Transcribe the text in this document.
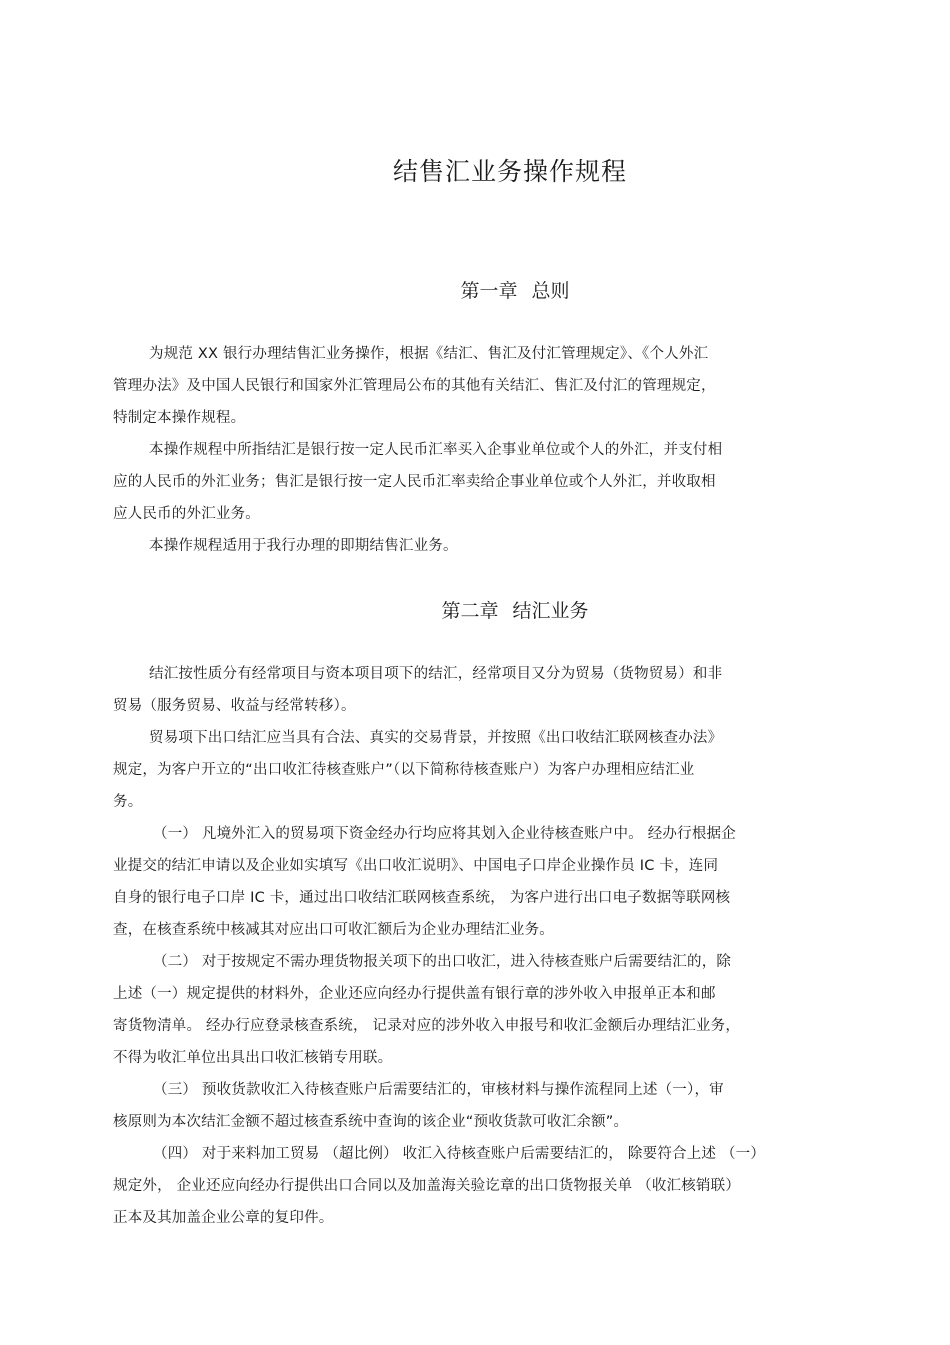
结售汇业务操作规程
第一章 总则
为规范 XX 银行办理结售汇业务操作，根据《结汇、售汇及付汇管理规定》、《个人外汇
管理办法》及中国人民银行和国家外汇管理局公布的其他有关结汇、售汇及付汇的管理规定，
特制定本操作规程。
本操作规程中所指结汇是银行按一定人民币汇率买入企事业单位或个人的外汇，并支付相
应的人民币的外汇业务；售汇是银行按一定人民币汇率卖给企事业单位或个人外汇，并收取相
应人民币的外汇业务。
本操作规程适用于我行办理的即期结售汇业务。
第二章 结汇业务
结汇按性质分有经常项目与资本项目项下的结汇，经常项目又分为贸易（货物贸易）和非
贸易（服务贸易、收益与经常转移）。
贸易项下出口结汇应当具有合法、真实的交易背景，并按照《出口收结汇联网核查办法》
规定，为客户开立的“出口收汇待核查账户”（以下简称待核查账户）为客户办理相应结汇业
务。
（一） 凡境外汇入的贸易项下资金经办行均应将其划入企业待核查账户中。 经办行根据企
业提交的结汇申请以及企业如实填写《出口收汇说明》、中国电子口岸企业操作员 IC 卡，连同
自身的银行电子口岸 IC 卡，通过出口收结汇联网核查系统， 为客户进行出口电子数据等联网核
查，在核查系统中核减其对应出口可收汇额后为企业办理结汇业务。
（二） 对于按规定不需办理货物报关项下的出口收汇，进入待核查账户后需要结汇的，除
上述（一）规定提供的材料外，企业还应向经办行提供盖有银行章的涉外收入申报单正本和邮
寄货物清单。 经办行应登录核查系统， 记录对应的涉外收入申报号和收汇金额后办理结汇业务，
不得为收汇单位出具出口收汇核销专用联。
（三） 预收货款收汇入待核查账户后需要结汇的，审核材料与操作流程同上述（一），审
核原则为本次结汇金额不超过核查系统中查询的该企业“预收货款可收汇余额”。
（四） 对于来料加工贸易 （超比例） 收汇入待核查账户后需要结汇的， 除要符合上述 （一）
规定外， 企业还应向经办行提供出口合同以及加盖海关验讫章的出口货物报关单 （收汇核销联）
正本及其加盖企业公章的复印件。
